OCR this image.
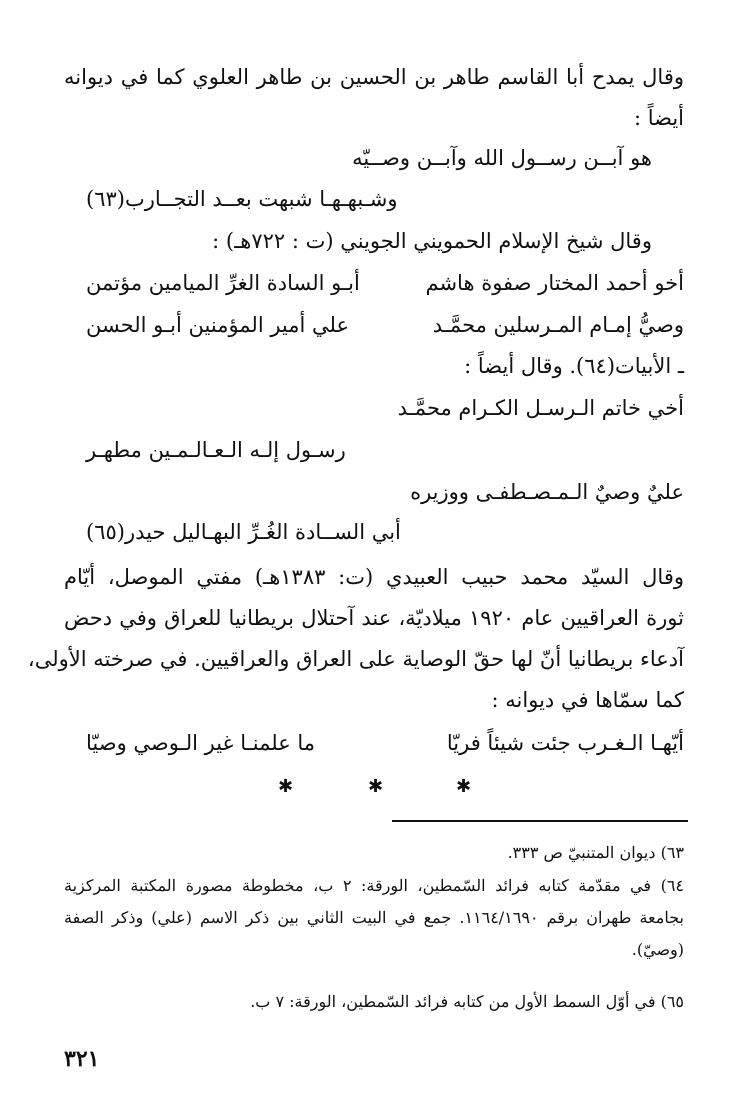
وقال يمدح أبا القاسم طاهر بن الحسين بن طاهر العلوي كما في ديوانه
أيضاً :
هو آبــن رســول الله وآبــن وصــيّه
وشـبهـهـا شبهت بعــد التجــارب(٦٣)
وقال شيخ الإسلام الحمويني الجويني (ت : ٧٢٢هـ) :
أخو أحمد المختار صفوة هاشم
أبـو السادة الغرِّ الميامين مؤتمن
وصيُّ إمـام المـرسلين محمَّـد
علي أمير المؤمنين أبـو الحسن
ـ الأبيات(٦٤). وقال أيضاً :
أخي خاتم الـرسـل الكـرام محمَّـد
رسـول إلـه الـعـالـمـين مطهـر
عليٌ وصيٌ الـمـصـطفـى ووزيره
أبي الســادة الغُـرِّ البهـاليل حيدر(٦٥)
وقال السيّد محمد حبيب العبيدي (ت: ١٣٨٣هـ) مفتي الموصل، أيّام
ثورة العراقيين عام ١٩٢٠ ميلاديّة، عند آحتلال بريطانيا للعراق وفي دحض
آدعاء بريطانيا أنّ لها حقّ الوصاية على العراق والعراقيين. في صرخته الأولى،
كما سمّاها في ديوانه :
أيّهـا الـغـرب جئت شيئاً فريّا
ما علمنـا غير الـوصي وصيّا
✱	✱	✱
٦٣) ديوان المتنبيّ ص ٣٣٣.
٦٤) في مقدّمة كتابه فرائد السّمطين، الورقة: ٢ ب، مخطوطة مصورة المكتبة المركزية
بجامعة طهران برقم ١١٦٤/١٦٩٠. جمع في البيت الثاني بين ذكر الاسم (علي) وذكر الصفة
(وصيّ).
٦٥) في أوّل السمط الأول من كتابه فرائد السّمطين، الورقة: ٧ ب.
٣٢١
